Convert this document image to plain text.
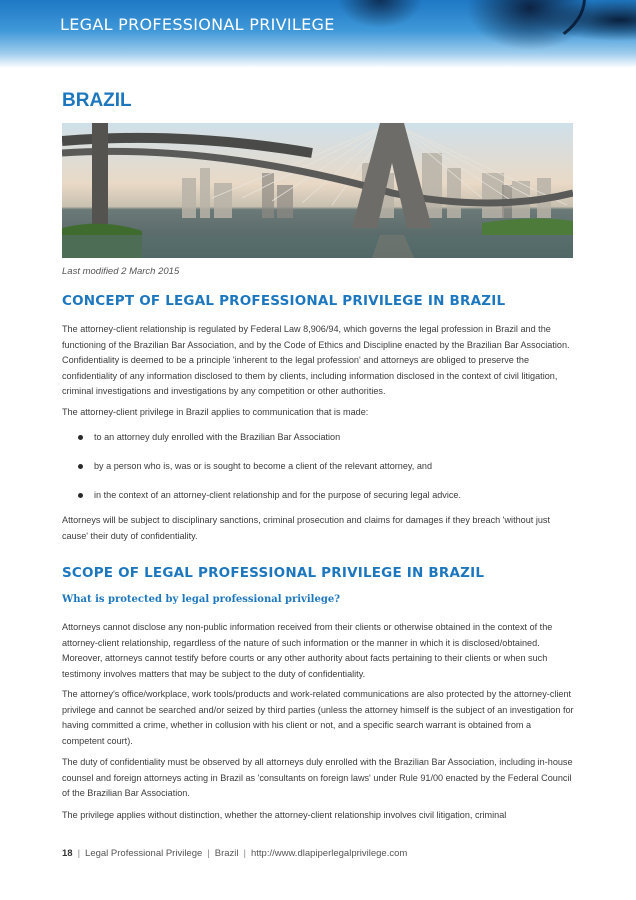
LEGAL PROFESSIONAL PRIVILEGE
BRAZIL
Last modified 2 March 2015
CONCEPT OF LEGAL PROFESSIONAL PRIVILEGE IN BRAZIL

The attorney-client relationship is regulated by Federal Law 8,906/94, which governs the legal profession in Brazil and the functioning of the Brazilian Bar Association, and by the Code of Ethics and Discipline enacted by the Brazilian Bar Association. Confidentiality is deemed to be a principle 'inherent to the legal profession' and attorneys are obliged to preserve the confidentiality of any information disclosed to them by clients, including information disclosed in the context of civil litigation, criminal investigations and investigations by any competition or other authorities.

The attorney-client privilege in Brazil applies to communication that is made:

to an attorney duly enrolled with the Brazilian Bar Association
by a person who is, was or is sought to become a client of the relevant attorney, and
in the context of an attorney-client relationship and for the purpose of securing legal advice.

Attorneys will be subject to disciplinary sanctions, criminal prosecution and claims for damages if they breach 'without just cause' their duty of confidentiality.

SCOPE OF LEGAL PROFESSIONAL PRIVILEGE IN BRAZIL
What is protected by legal professional privilege?

Attorneys cannot disclose any non-public information received from their clients or otherwise obtained in the context of the attorney-client relationship, regardless of the nature of such information or the manner in which it is disclosed/obtained. Moreover, attorneys cannot testify before courts or any other authority about facts pertaining to their clients or when such testimony involves matters that may be subject to the duty of confidentiality.

The attorney's office/workplace, work tools/products and work-related communications are also protected by the attorney-client privilege and cannot be searched and/or seized by third parties (unless the attorney himself is the subject of an investigation for having committed a crime, whether in collusion with his client or not, and a specific search warrant is obtained from a competent court).

The duty of confidentiality must be observed by all attorneys duly enrolled with the Brazilian Bar Association, including in-house counsel and foreign attorneys acting in Brazil as 'consultants on foreign laws' under Rule 91/00 enacted by the Federal Council of the Brazilian Bar Association.

The privilege applies without distinction, whether the attorney-client relationship involves civil litigation, criminal

18 | Legal Professional Privilege | Brazil | http://www.dlapiperlegalprivilege.com
